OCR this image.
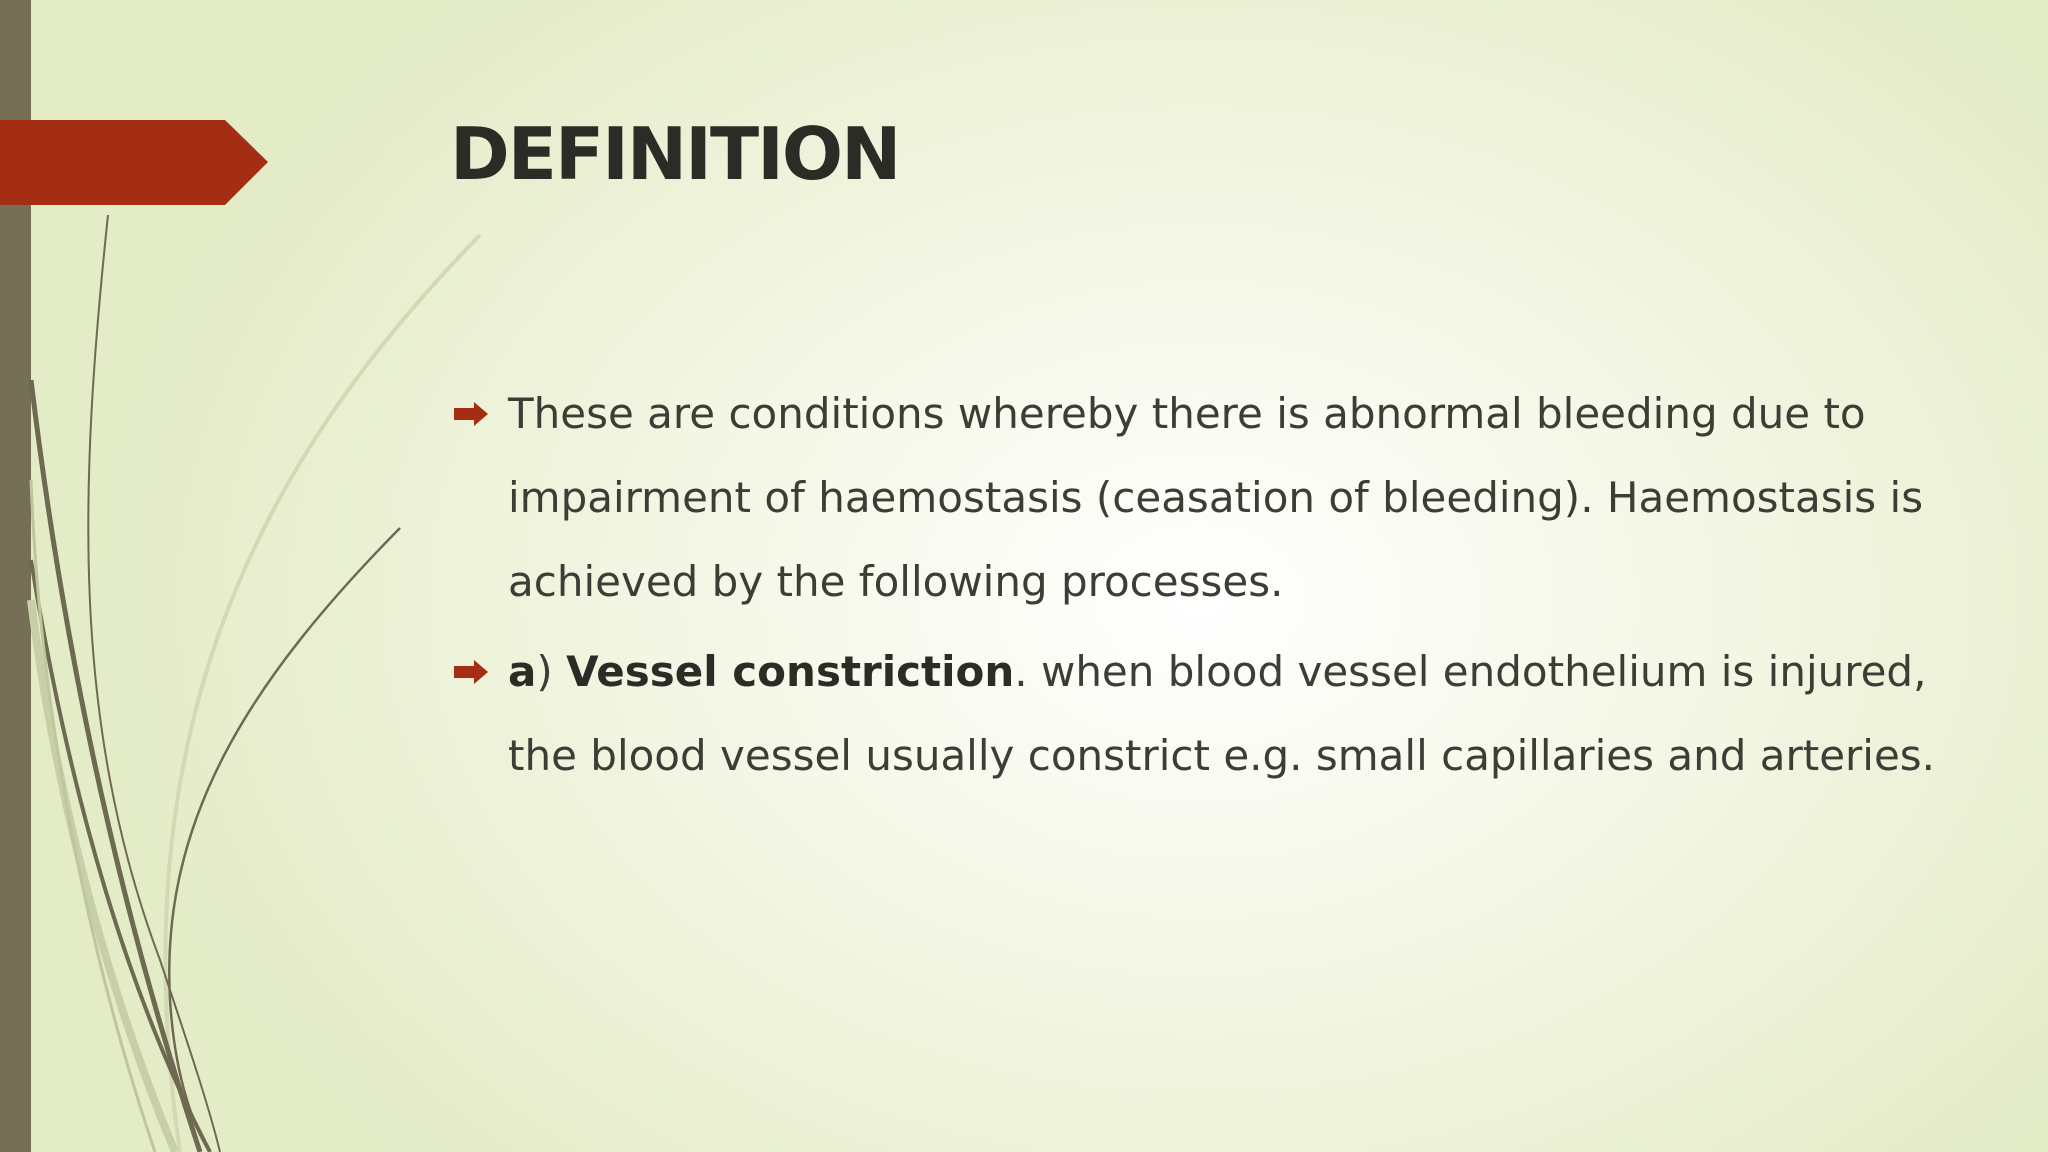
DEFINITION

These are conditions whereby there is abnormal bleeding due to impairment of haemostasis (ceasation of bleeding). Haemostasis is achieved by the following processes.

a) Vessel constriction. when blood vessel endothelium is injured, the blood vessel usually constrict e.g. small capillaries and arteries.
